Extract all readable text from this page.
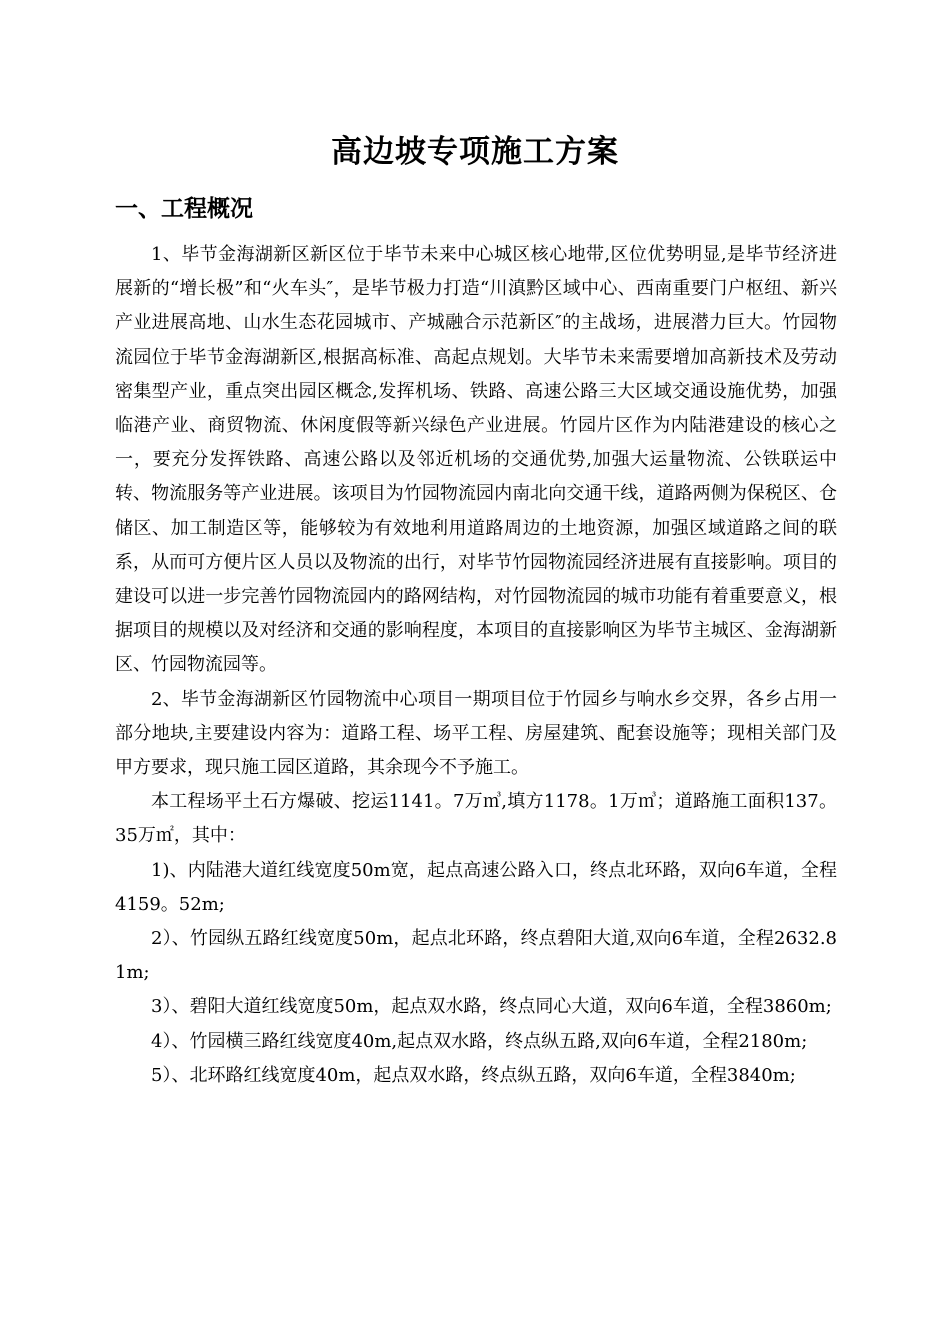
高边坡专项施工方案
一、工程概况

1、毕节金海湖新区新区位于毕节未来中心城区核心地带,区位优势明显,是毕节经济进展新的“增长极”和“火车头″，是毕节极力打造“川滇黔区域中心、西南重要门户枢纽、新兴产业进展高地、山水生态花园城市、产城融合示范新区″的主战场，进展潜力巨大。竹园物流园位于毕节金海湖新区,根据高标准、高起点规划。大毕节未来需要增加高新技术及劳动密集型产业，重点突出园区概念,发挥机场、铁路、高速公路三大区域交通设施优势，加强临港产业、商贸物流、休闲度假等新兴绿色产业进展。竹园片区作为内陆港建设的核心之一，要充分发挥铁路、高速公路以及邻近机场的交通优势,加强大运量物流、公铁联运中转、物流服务等产业进展。该项目为竹园物流园内南北向交通干线，道路两侧为保税区、仓储区、加工制造区等，能够较为有效地利用道路周边的土地资源，加强区域道路之间的联系，从而可方便片区人员以及物流的出行，对毕节竹园物流园经济进展有直接影响。项目的建设可以进一步完善竹园物流园内的路网结构，对竹园物流园的城市功能有着重要意义，根据项目的规模以及对经济和交通的影响程度，本项目的直接影响区为毕节主城区、金海湖新区、竹园物流园等。

2、毕节金海湖新区竹园物流中心项目一期项目位于竹园乡与响水乡交界，各乡占用一部分地块,主要建设内容为：道路工程、场平工程、房屋建筑、配套设施等；现相关部门及甲方要求，现只施工园区道路，其余现今不予施工。

本工程场平土石方爆破、挖运1141。7万㎥,填方1178。1万㎥；道路施工面积137。35万㎡，其中：

1)、内陆港大道红线宽度50m宽，起点高速公路入口，终点北环路，双向6车道，全程4159。52m;

2）、竹园纵五路红线宽度50m，起点北环路，终点碧阳大道,双向6车道，全程2632.81m;

3）、碧阳大道红线宽度50m，起点双水路，终点同心大道，双向6车道，全程3860m;

4）、竹园横三路红线宽度40m,起点双水路，终点纵五路,双向6车道，全程2180m;

5）、北环路红线宽度40m，起点双水路，终点纵五路，双向6车道，全程3840m;
